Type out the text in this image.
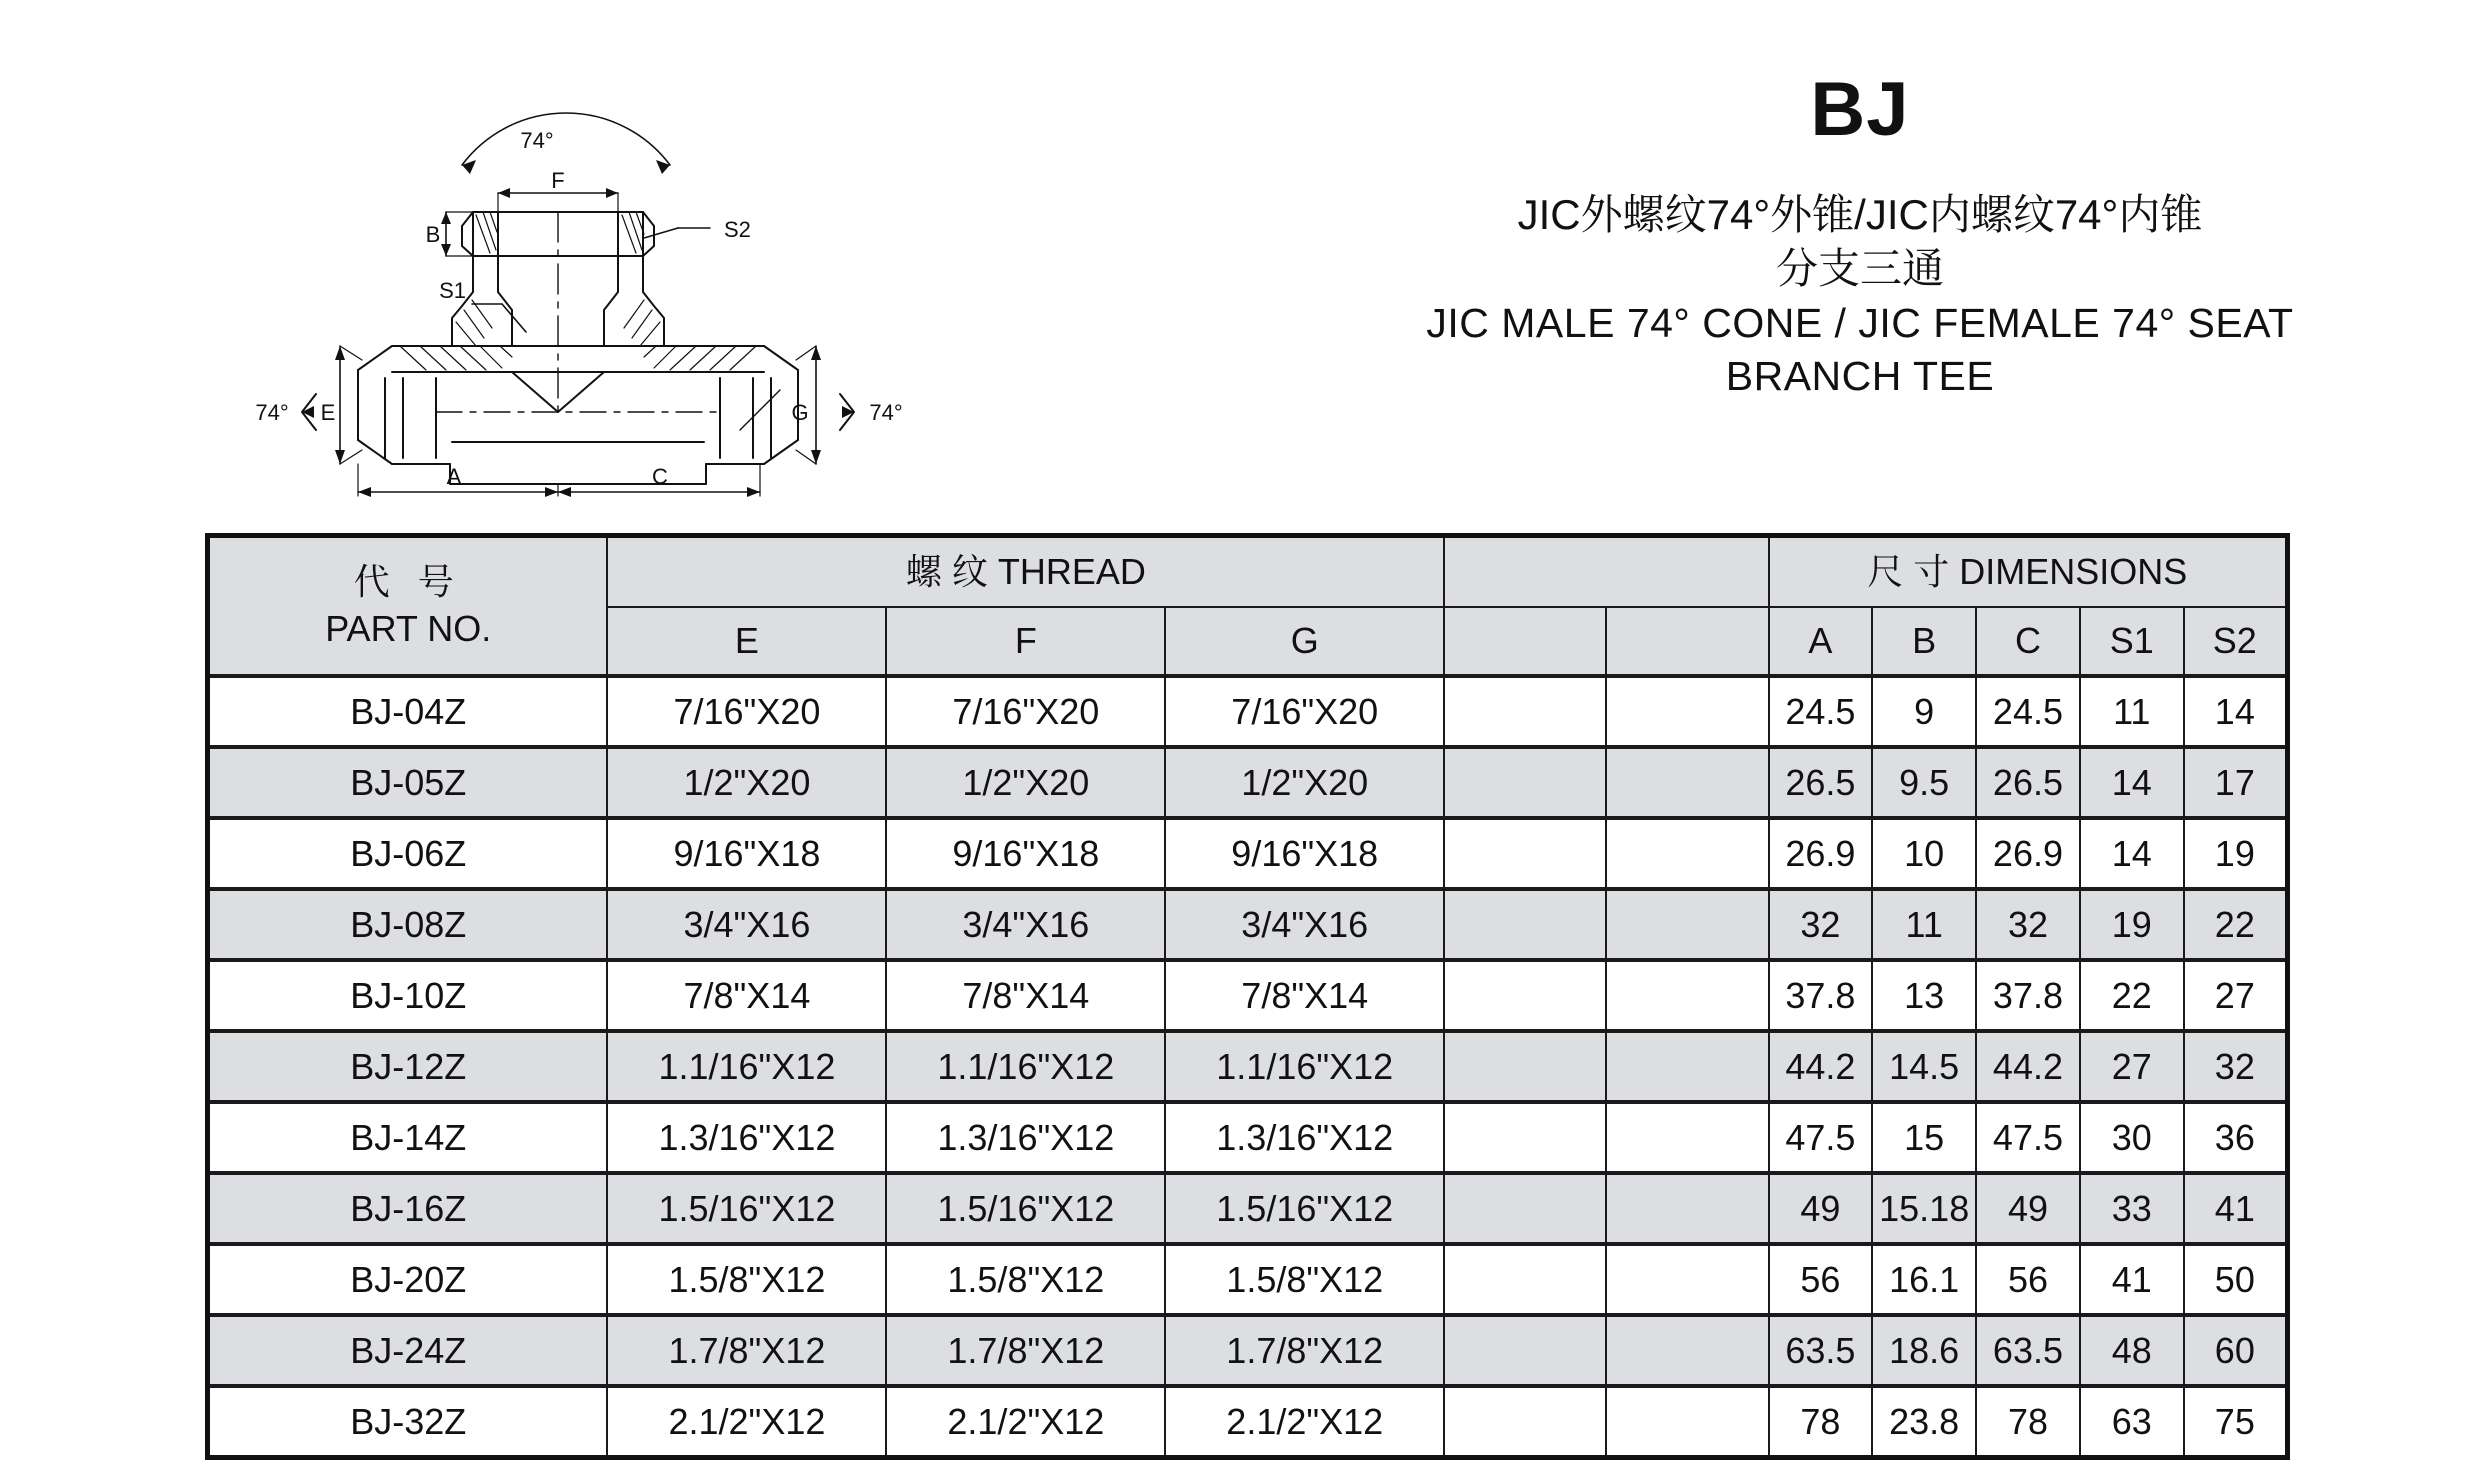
BJ
JIC外螺纹74°外锥/JIC内螺纹74°内锥
分支三通
JIC MALE 74° CONE / JIC FEMALE 74° SEAT
BRANCH TEE
74°
F
B	S2
S1
E
74°	G	74°
A	C
代 号
PART NO.	螺 纹 THREAD					尺 寸 DIMENSIONS				
	E	F	G			A	B	C	S1	S2
BJ-04Z	7/16"X20	7/16"X20	7/16"X20			24.5	9	24.5	11	14
BJ-05Z	1/2"X20	1/2"X20	1/2"X20			26.5	9.5	26.5	14	17
BJ-06Z	9/16"X18	9/16"X18	9/16"X18			26.9	10	26.9	14	19
BJ-08Z	3/4"X16	3/4"X16	3/4"X16			32	11	32	19	22
BJ-10Z	7/8"X14	7/8"X14	7/8"X14			37.8	13	37.8	22	27
BJ-12Z	1.1/16"X12	1.1/16"X12	1.1/16"X12			44.2	14.5	44.2	27	32
BJ-14Z	1.3/16"X12	1.3/16"X12	1.3/16"X12			47.5	15	47.5	30	36
BJ-16Z	1.5/16"X12	1.5/16"X12	1.5/16"X12			49	15.18	49	33	41
BJ-20Z	1.5/8"X12	1.5/8"X12	1.5/8"X12			56	16.1	56	41	50
BJ-24Z	1.7/8"X12	1.7/8"X12	1.7/8"X12			63.5	18.6	63.5	48	60
BJ-32Z	2.1/2"X12	2.1/2"X12	2.1/2"X12			78	23.8	78	63	75
